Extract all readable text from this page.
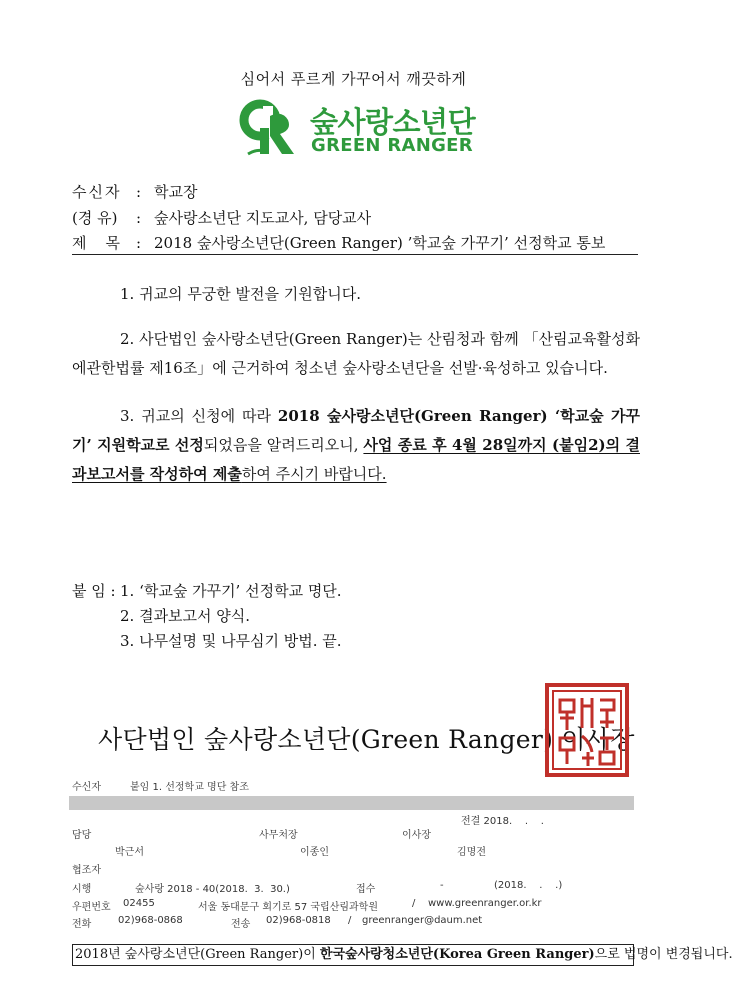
심어서 푸르게 가꾸어서 깨끗하게
숲사랑소년단
GREEN RANGER
수신자 : 학교장
(경 유) : 숲사랑소년단 지도교사, 담당교사
제    목 : 2018 숲사랑소년단(Green Ranger) ’학교숲 가꾸기’ 선정학교 통보

1. 귀교의 무궁한 발전을 기원합니다.

2. 사단법인 숲사랑소년단(Green Ranger)는 산림청과 함께 「산림교육활성화에관한법률 제16조」에 근거하여 청소년 숲사랑소년단을 선발·육성하고 있습니다.

3. 귀교의 신청에 따라 2018 숲사랑소년단(Green Ranger) ‘학교숲 가꾸기’ 지원학교로 선정되었음을 알려드리오니, 사업 종료 후 4월 28일까지 (붙임2)의 결과보고서를 작성하여 제출하여 주시기 바랍니다.

붙 임 : 1. ‘학교숲 가꾸기’ 선정학교 명단.
2. 결과보고서 양식.
3. 나무설명 및 나무심기 방법. 끝.
사단법인 숲사랑소년단(Green Ranger) 이사장
수신자	붙임 1. 선정학교 명단 참조
전결 2018.    .    .
담당	사무처장	이사장
박근서	이종인	김명전
협조자
시행	숲사랑 2018 - 40(2018.  3.  30.)	접수	-	(2018.    .    .)
우편번호 02455	서울 동대문구 회기로 57 국립산림과학원	/ www.greenranger.or.kr
전화	02)968-0868	전송 02)968-0818 / greenranger@daum.net
2018년 숲사랑소년단(Green Ranger)이 한국숲사랑청소년단(Korea Green Ranger)으로 법명이 변경됩니다.
